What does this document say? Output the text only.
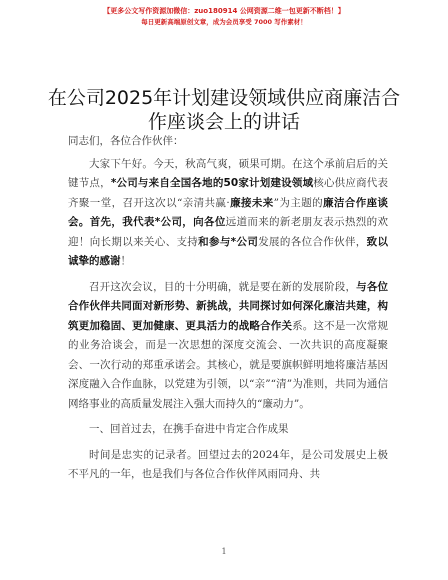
【更多公文写作资源加微信：zuo180914 公网资源二维一包更新不断档！】
每日更新高端原创文章，成为会员享受 7000 写作素材！
在公司2025年计划建设领域供应商廉洁合作座谈会上的讲话

同志们，各位合作伙伴：

大家下午好。今天，秋高气爽，硕果可期。在这个承前启后的关键节点，*公司与来自全国各地的50家计划建设领域核心供应商代表齐聚一堂，召开这次以“亲清共赢·廉接未来”为主题的廉洁合作座谈会。首先，我代表*公司，向各位远道而来的新老朋友表示热烈的欢迎！向长期以来关心、支持和参与*公司发展的各位合作伙伴，致以诚挚的感谢！

召开这次会议，目的十分明确，就是要在新的发展阶段，与各位合作伙伴共同面对新形势、新挑战，共同探讨如何深化廉洁共建，构筑更加稳固、更加健康、更具活力的战略合作关系。这不是一次常规的业务洽谈会，而是一次思想的深度交流会、一次共识的高度凝聚会、一次行动的郑重承诺会。其核心，就是要旗帜鲜明地将廉洁基因深度融入合作血脉，以党建为引领，以“亲”“清”为准则，共同为通信网络事业的高质量发展注入强大而持久的“廉动力”。

一、回首过去，在携手奋进中肯定合作成果

时间是忠实的记录者。回望过去的2024年，是公司发展史上极不平凡的一年，也是我们与各位合作伙伴风雨同舟、共

1
